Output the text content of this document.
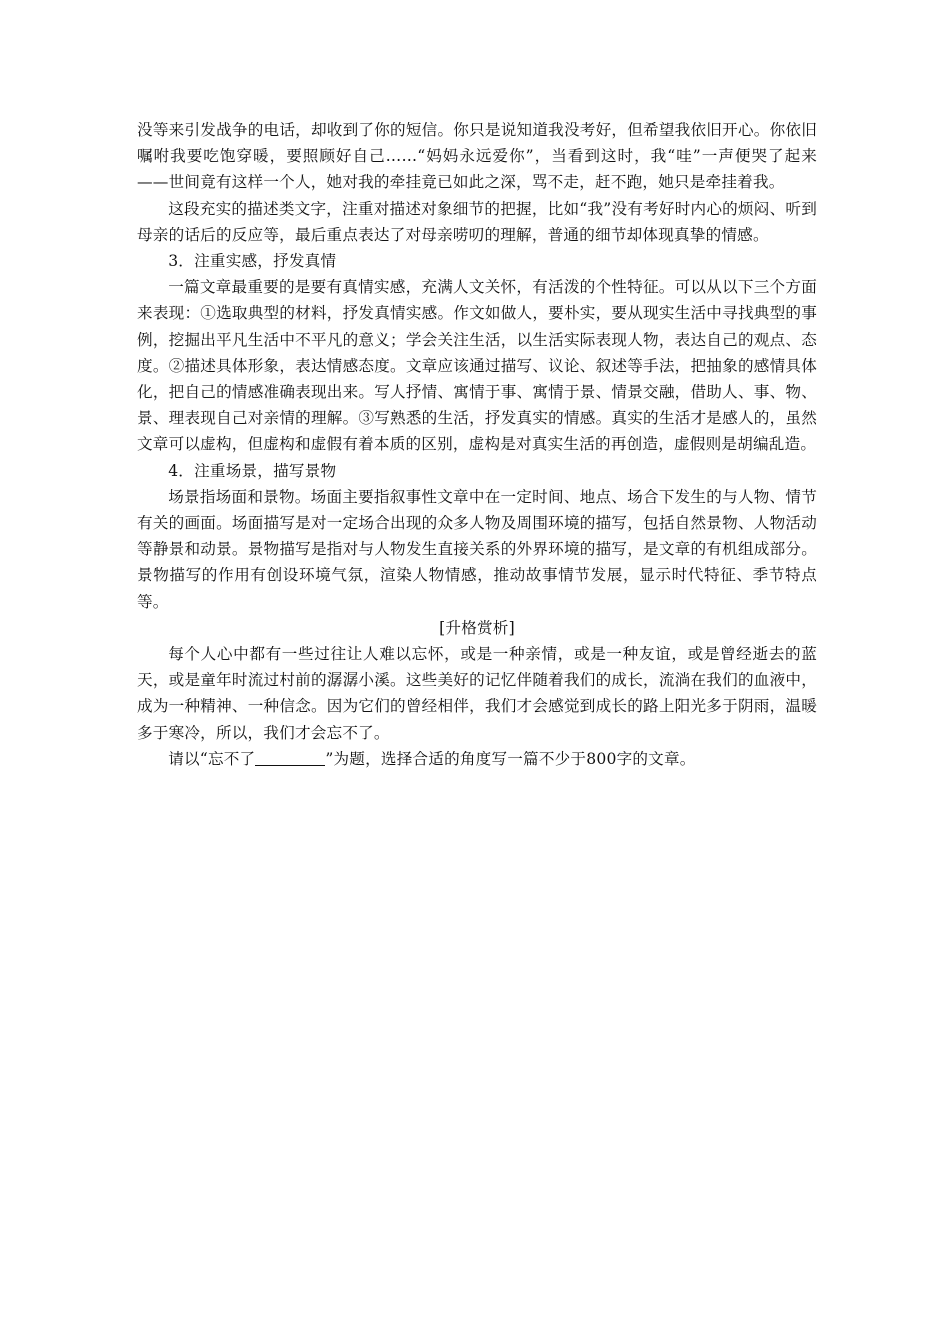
没等来引发战争的电话，却收到了你的短信。你只是说知道我没考好，但希望我依旧开心。你依旧嘱咐我要吃饱穿暖，要照顾好自己……“妈妈永远爱你”，当看到这时，我“哇”一声便哭了起来——世间竟有这样一个人，她对我的牵挂竟已如此之深，骂不走，赶不跑，她只是牵挂着我。

这段充实的描述类文字，注重对描述对象细节的把握，比如“我”没有考好时内心的烦闷、听到母亲的话后的反应等，最后重点表达了对母亲唠叨的理解，普通的细节却体现真挚的情感。

3．注重实感，抒发真情

一篇文章最重要的是要有真情实感，充满人文关怀，有活泼的个性特征。可以从以下三个方面来表现：①选取典型的材料，抒发真情实感。作文如做人，要朴实，要从现实生活中寻找典型的事例，挖掘出平凡生活中不平凡的意义；学会关注生活，以生活实际表现人物，表达自己的观点、态度。②描述具体形象，表达情感态度。文章应该通过描写、议论、叙述等手法，把抽象的感情具体化，把自己的情感准确表现出来。写人抒情、寓情于事、寓情于景、情景交融，借助人、事、物、景、理表现自己对亲情的理解。③写熟悉的生活，抒发真实的情感。真实的生活才是感人的，虽然文章可以虚构，但虚构和虚假有着本质的区别，虚构是对真实生活的再创造，虚假则是胡编乱造。

4．注重场景，描写景物

场景指场面和景物。场面主要指叙事性文章中在一定时间、地点、场合下发生的与人物、情节有关的画面。场面描写是对一定场合出现的众多人物及周围环境的描写，包括自然景物、人物活动等静景和动景。景物描写是指对与人物发生直接关系的外界环境的描写，是文章的有机组成部分。景物描写的作用有创设环境气氛，渲染人物情感，推动故事情节发展，显示时代特征、季节特点等。

[升格赏析]

每个人心中都有一些过往让人难以忘怀，或是一种亲情，或是一种友谊，或是曾经逝去的蓝天，或是童年时流过村前的潺潺小溪。这些美好的记忆伴随着我们的成长，流淌在我们的血液中，成为一种精神、一种信念。因为它们的曾经相伴，我们才会感觉到成长的路上阳光多于阴雨，温暖多于寒冷，所以，我们才会忘不了。

请以“忘不了	”为题，选择合适的角度写一篇不少于800字的文章。
